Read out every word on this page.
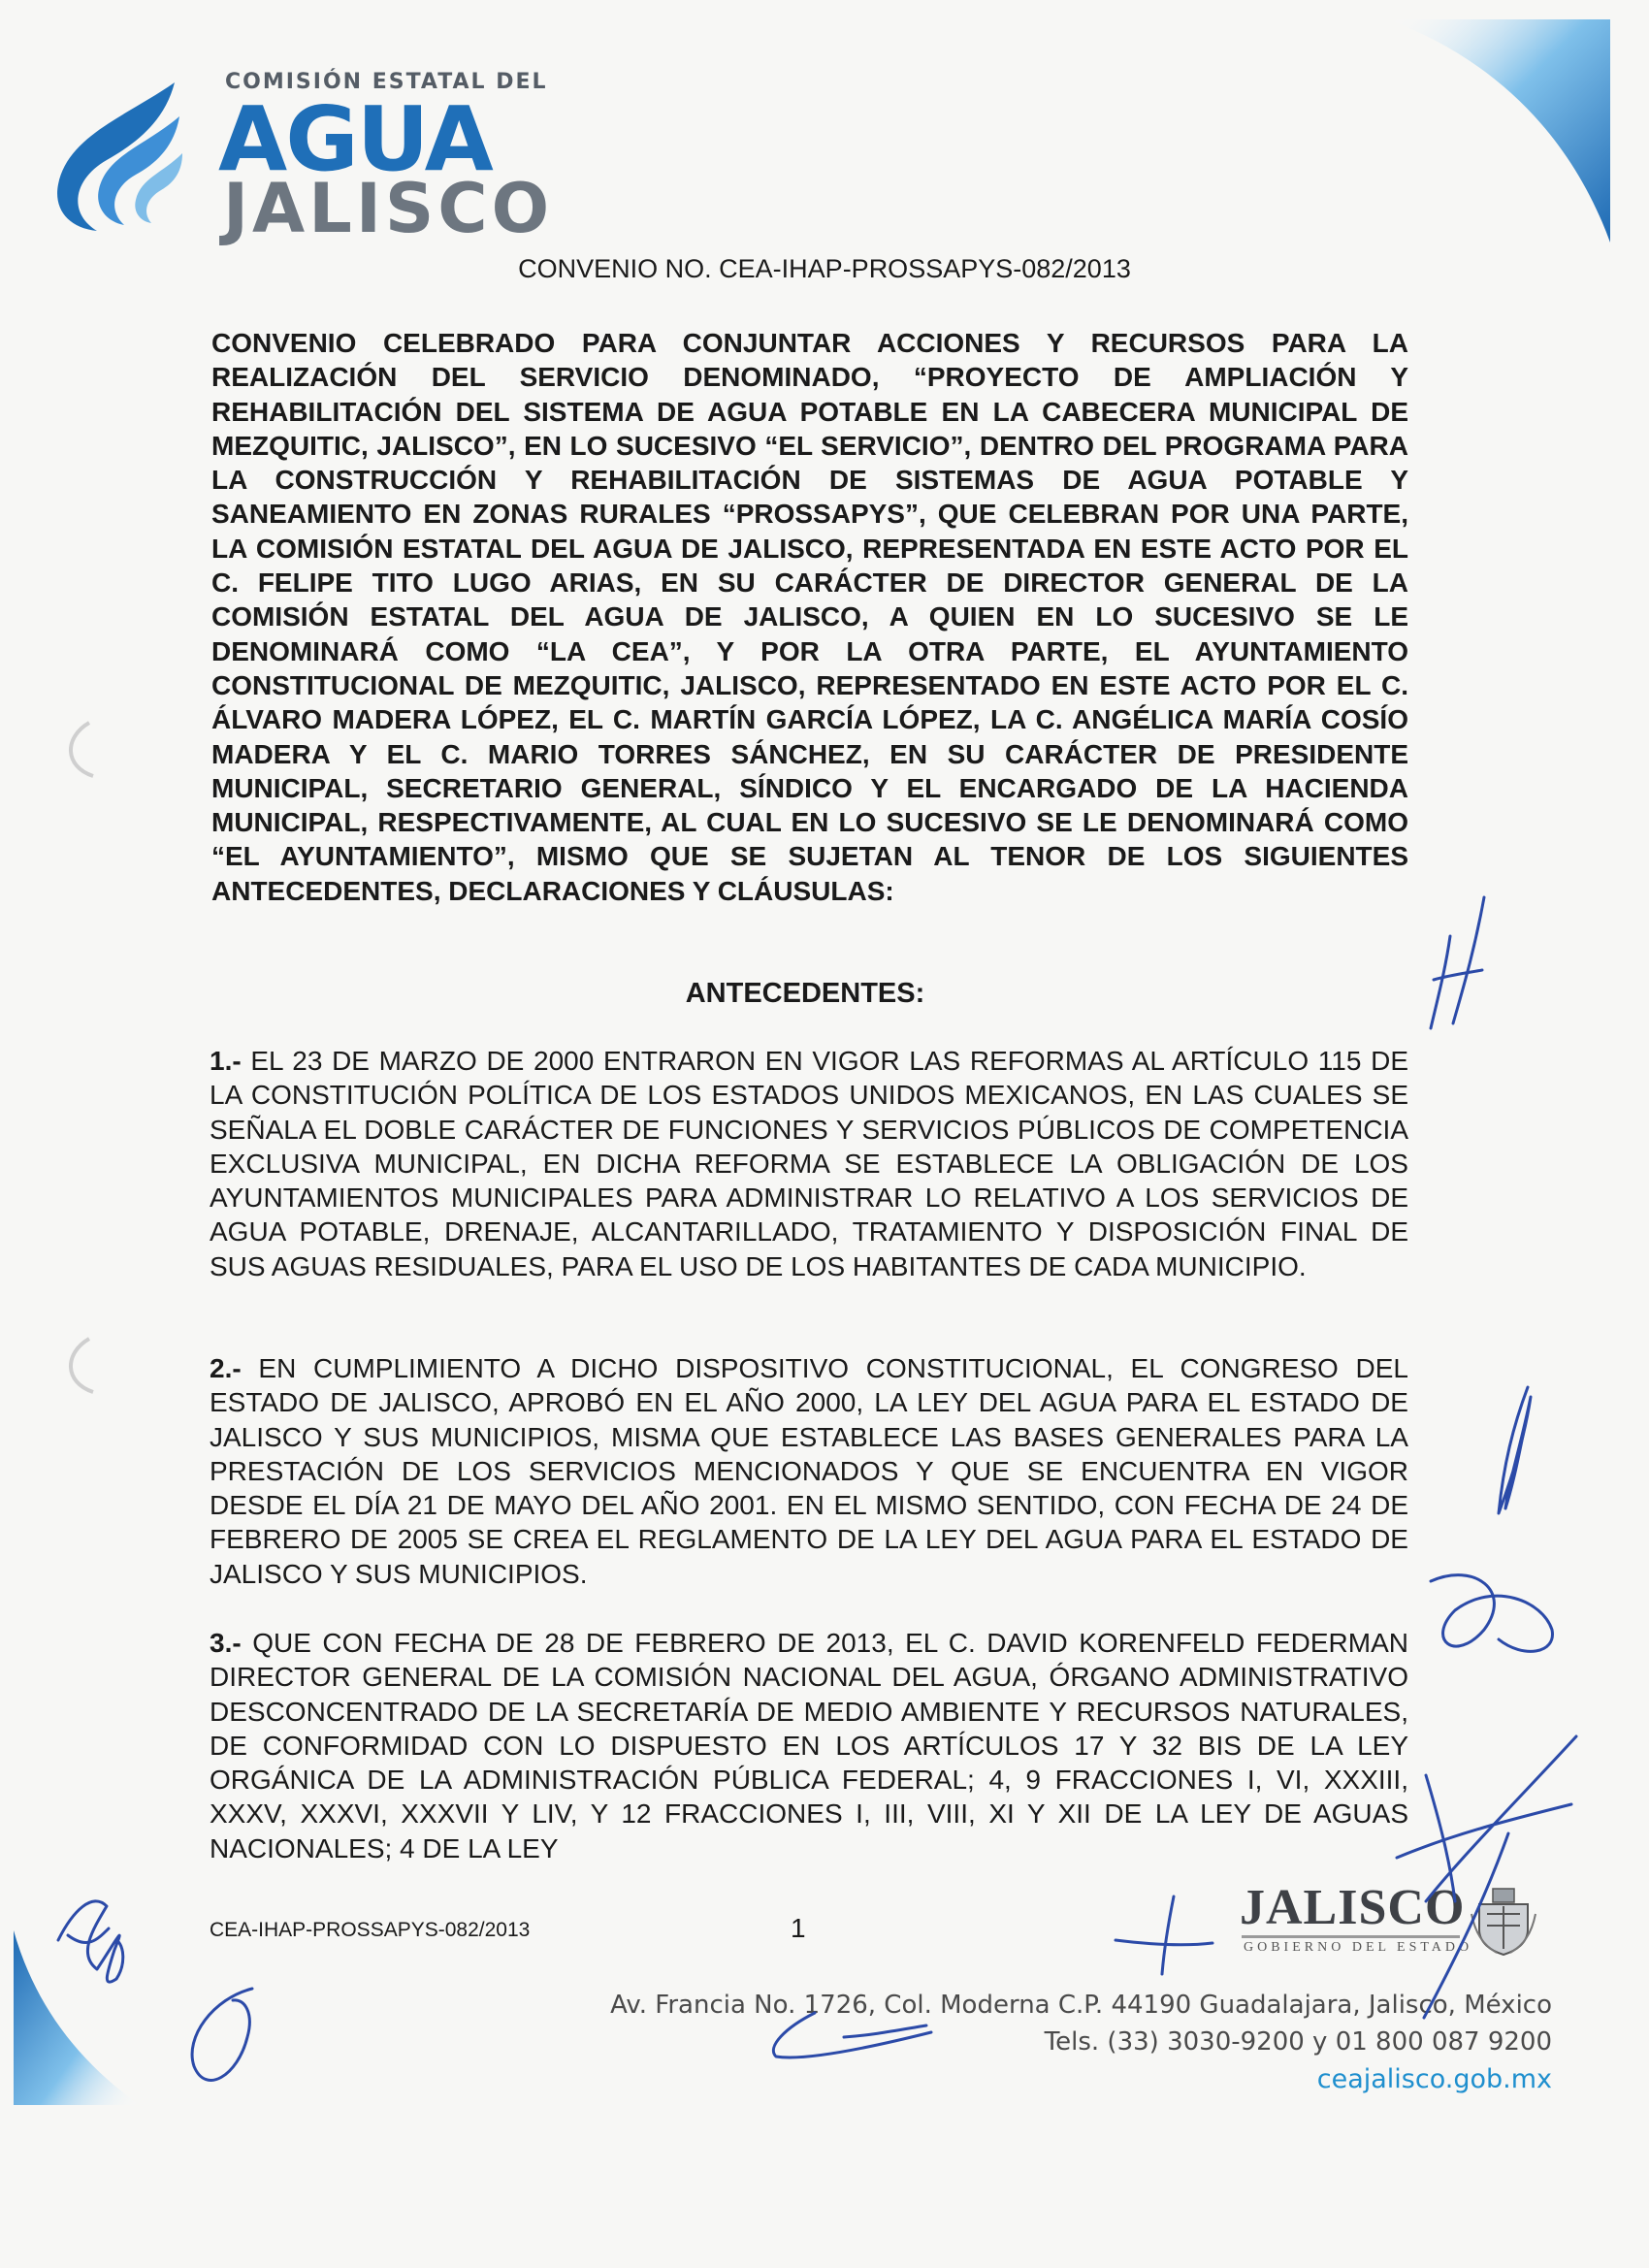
COMISIÓN ESTATAL DEL
AGUA
JALISCO
CONVENIO NO. CEA-IHAP-PROSSAPYS-082/2013
CONVENIO CELEBRADO PARA CONJUNTAR ACCIONES Y RECURSOS PARA LA REALIZACIÓN DEL SERVICIO DENOMINADO, “PROYECTO DE AMPLIACIÓN Y REHABILITACIÓN DEL SISTEMA DE AGUA POTABLE EN LA CABECERA MUNICIPAL DE MEZQUITIC, JALISCO”, EN LO SUCESIVO “EL SERVICIO”, DENTRO DEL PROGRAMA PARA LA CONSTRUCCIÓN Y REHABILITACIÓN DE SISTEMAS DE AGUA POTABLE Y SANEAMIENTO EN ZONAS RURALES “PROSSAPYS”, QUE CELEBRAN POR UNA PARTE, LA COMISIÓN ESTATAL DEL AGUA DE JALISCO, REPRESENTADA EN ESTE ACTO POR EL C. FELIPE TITO LUGO ARIAS, EN SU CARÁCTER DE DIRECTOR GENERAL DE LA COMISIÓN ESTATAL DEL AGUA DE JALISCO, A QUIEN EN LO SUCESIVO SE LE DENOMINARÁ COMO “LA CEA”, Y POR LA OTRA PARTE, EL AYUNTAMIENTO CONSTITUCIONAL DE MEZQUITIC, JALISCO, REPRESENTADO EN ESTE ACTO POR EL C. ÁLVARO MADERA LÓPEZ, EL C. MARTÍN GARCÍA LÓPEZ, LA C. ANGÉLICA MARÍA COSÍO MADERA Y EL C. MARIO TORRES SÁNCHEZ, EN SU CARÁCTER DE PRESIDENTE MUNICIPAL, SECRETARIO GENERAL, SÍNDICO Y EL ENCARGADO DE LA HACIENDA MUNICIPAL, RESPECTIVAMENTE, AL CUAL EN LO SUCESIVO SE LE DENOMINARÁ COMO “EL AYUNTAMIENTO”, MISMO QUE SE SUJETAN AL TENOR DE LOS SIGUIENTES ANTECEDENTES, DECLARACIONES Y CLÁUSULAS:
ANTECEDENTES:
1.- EL 23 DE MARZO DE 2000 ENTRARON EN VIGOR LAS REFORMAS AL ARTÍCULO 115 DE LA CONSTITUCIÓN POLÍTICA DE LOS ESTADOS UNIDOS MEXICANOS, EN LAS CUALES SE SEÑALA EL DOBLE CARÁCTER DE FUNCIONES Y SERVICIOS PÚBLICOS DE COMPETENCIA EXCLUSIVA MUNICIPAL, EN DICHA REFORMA SE ESTABLECE LA OBLIGACIÓN DE LOS AYUNTAMIENTOS MUNICIPALES PARA ADMINISTRAR LO RELATIVO A LOS SERVICIOS DE AGUA POTABLE, DRENAJE, ALCANTARILLADO, TRATAMIENTO Y DISPOSICIÓN FINAL DE SUS AGUAS RESIDUALES, PARA EL USO DE LOS HABITANTES DE CADA MUNICIPIO.
2.- EN CUMPLIMIENTO A DICHO DISPOSITIVO CONSTITUCIONAL, EL CONGRESO DEL ESTADO DE JALISCO, APROBÓ EN EL AÑO 2000, LA LEY DEL AGUA PARA EL ESTADO DE JALISCO Y SUS MUNICIPIOS, MISMA QUE ESTABLECE LAS BASES GENERALES PARA LA PRESTACIÓN DE LOS SERVICIOS MENCIONADOS Y QUE SE ENCUENTRA EN VIGOR DESDE EL DÍA 21 DE MAYO DEL AÑO 2001. EN EL MISMO SENTIDO, CON FECHA DE 24 DE FEBRERO DE 2005 SE CREA EL REGLAMENTO DE LA LEY DEL AGUA PARA EL ESTADO DE JALISCO Y SUS MUNICIPIOS.
3.- QUE CON FECHA DE 28 DE FEBRERO DE 2013, EL C. DAVID KORENFELD FEDERMAN DIRECTOR GENERAL DE LA COMISIÓN NACIONAL DEL AGUA, ÓRGANO ADMINISTRATIVO DESCONCENTRADO DE LA SECRETARÍA DE MEDIO AMBIENTE Y RECURSOS NATURALES, DE CONFORMIDAD CON LO DISPUESTO EN LOS ARTÍCULOS 17 Y 32 BIS DE LA LEY ORGÁNICA DE LA ADMINISTRACIÓN PÚBLICA FEDERAL; 4, 9 FRACCIONES I, VI, XXXIII, XXXV, XXXVI, XXXVII Y LIV, Y 12 FRACCIONES I, III, VIII, XI Y XII DE LA LEY DE AGUAS NACIONALES; 4 DE LA LEY
CEA-IHAP-PROSSAPYS-082/2013	1	JALISCO
GOBIERNO DEL ESTADO
Av. Francia No. 1726, Col. Moderna C.P. 44190 Guadalajara, Jalisco, México
Tels. (33) 3030-9200 y 01 800 087 9200
ceajalisco.gob.mx
